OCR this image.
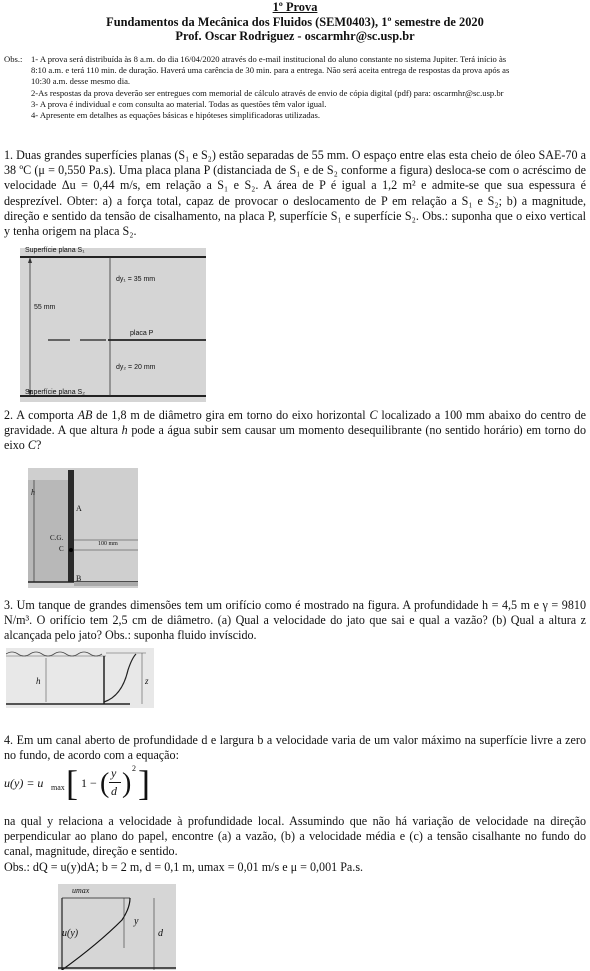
1º Prova
Fundamentos da Mecânica dos Fluidos (SEM0403), 1º semestre de 2020
Prof. Oscar Rodriguez - oscarmhr@sc.usp.br
Obs.:	1- A prova será distribuída às 8 a.m. do dia 16/04/2020 através do e-mail institucional do aluno constante no sistema Jupiter. Terá início às
8:10 a.m. e terá 110 min. de duração. Haverá uma carência de 30 min. para a entrega. Não será aceita entrega de respostas da prova após as
10:30 a.m. desse mesmo dia.
2-As respostas da prova deverão ser entregues com memorial de cálculo através de envio de cópia digital (pdf) para: oscarmhr@sc.usp.br
3- A prova é individual e com consulta ao material. Todas as questões têm valor igual.
4- Apresente em detalhes as equações básicas e hipóteses simplificadoras utilizadas.
1. Duas grandes superfícies planas (S₁ e S₂) estão separadas de 55 mm. O espaço entre elas esta cheio de óleo SAE-70 a 38 ºC (μ = 0,550 Pa.s). Uma placa plana P (distanciada de S₁ e de S₂ conforme a figura) desloca-se com o acréscimo de velocidade Δu = 0,44 m/s, em relação a S₁ e S₂. A área de P é igual a 1,2 m² e admite-se que sua espessura é desprezível. Obter: a) a força total, capaz de provocar o deslocamento de P em relação a S₁ e S₂; b) a magnitude, direção e sentido da tensão de cisalhamento, na placa P, superfície S₁ e superfície S₂. Obs.: suponha que o eixo vertical y tenha origem na placa S₂.
Superfície plana S₁
55 mm
dy₁ = 35 mm
placa P
dy₂ = 20 mm
Superfície plana S₂
2. A comporta AB de 1,8 m de diâmetro gira em torno do eixo horizontal C localizado a 100 mm abaixo do centro de gravidade. A que altura h pode a água subir sem causar um momento desequilibrante (no sentido horário) em torno do eixo C?
h
A
C.G.
C
100 mm
B
3. Um tanque de grandes dimensões tem um orifício como é mostrado na figura. A profundidade h = 4,5 m e γ = 9810 N/m³. O orifício tem 2,5 cm de diâmetro. (a) Qual a velocidade do jato que sai e qual a vazão? (b) Qual a altura z alcançada pelo jato? Obs.: suponha fluido invíscido.
h	z
4. Em um canal aberto de profundidade d e largura b a velocidade varia de um valor máximo na superfície livre a zero no fundo, de acordo com a equação:
u(y) = u max [ 1 − ( y
d ) 2 ]
na qual y relaciona a velocidade à profundidade local. Assumindo que não há variação de velocidade na direção perpendicular ao plano do papel, encontre (a) a vazão, (b) a velocidade média e (c) a tensão cisalhante no fundo do canal, magnitude, direção e sentido.
Obs.: dQ = u(y)dA; b = 2 m, d = 0,1 m, umax = 0,01 m/s e μ = 0,001 Pa.s.
umax
u(y)
y
d
